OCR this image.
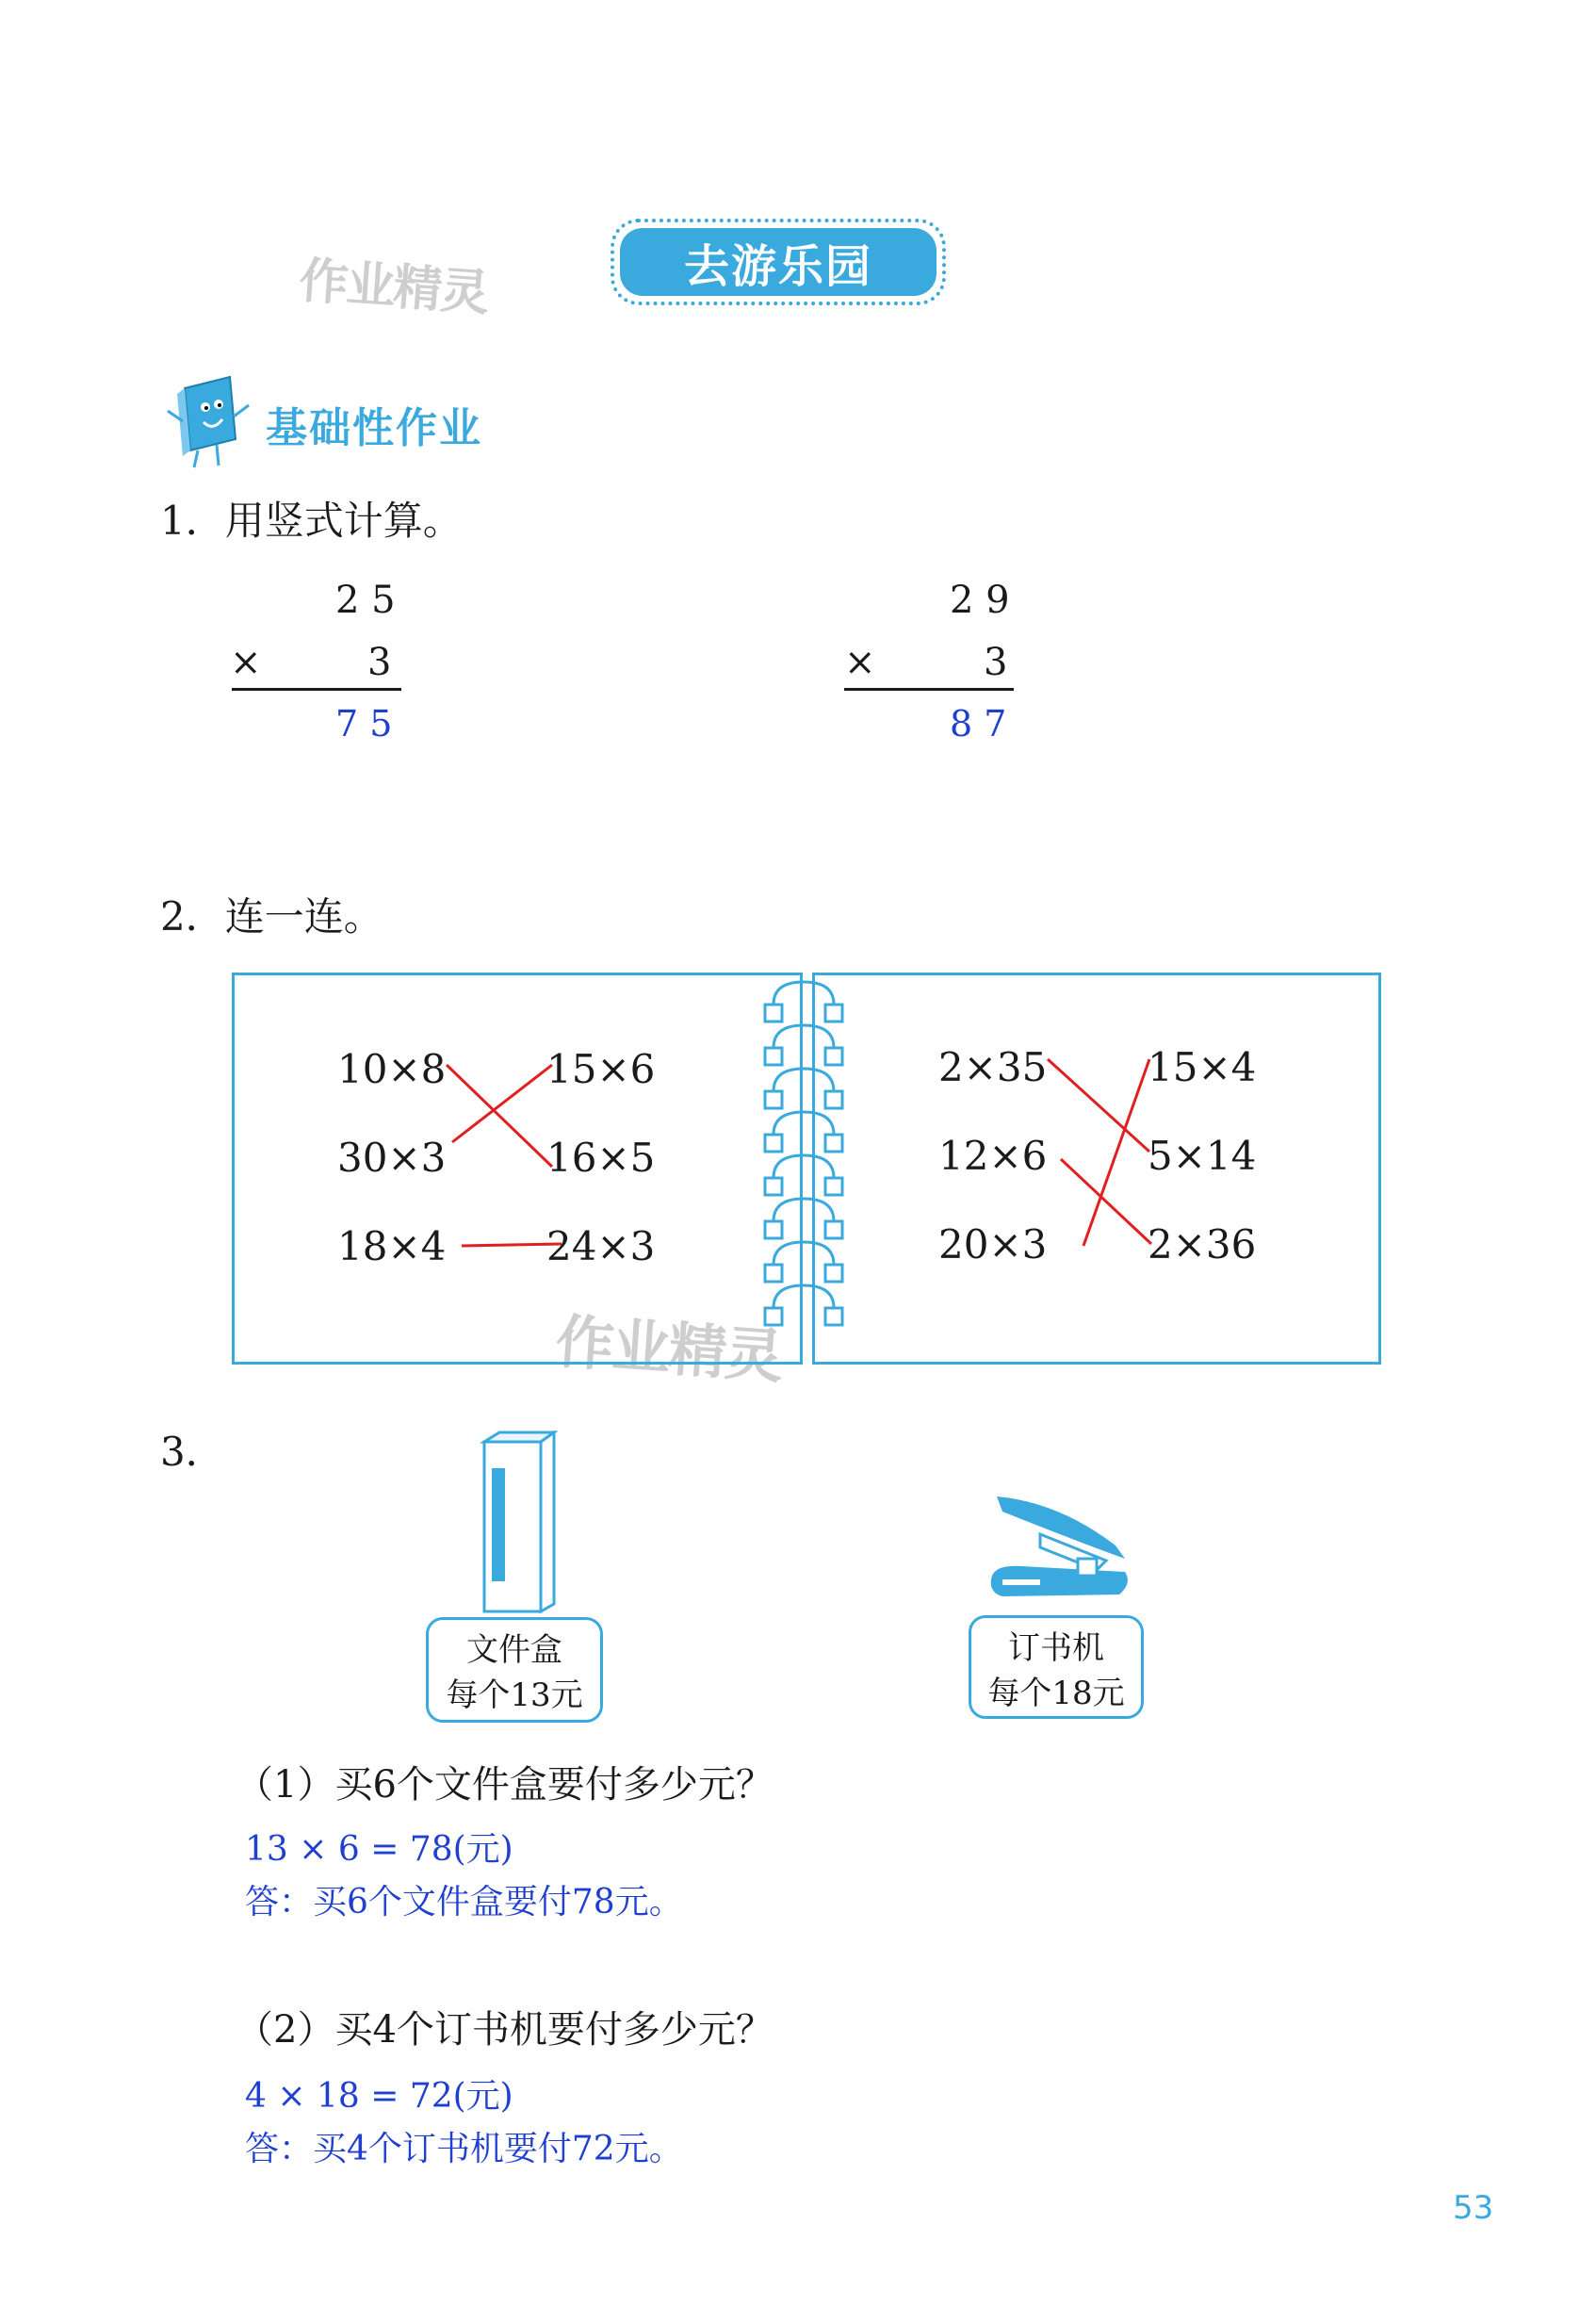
作业精灵
作业精灵
去游乐园
基础性作业
1．用竖式计算。
2 5
×	3
7 5
2 9
×	3
8 7
2．连一连。
10×8
30×3
18×4
15×6
16×5
24×3
2×35
12×6
20×3
15×4
5×14
2×36
3．
文件盒
每个13元
订书机
每个18元
（1）买6个文件盒要付多少元？
13 × 6 = 78(元)
答：买6个文件盒要付78元。
（2）买4个订书机要付多少元？
4 × 18 = 72(元)
答：买4个订书机要付72元。
53
